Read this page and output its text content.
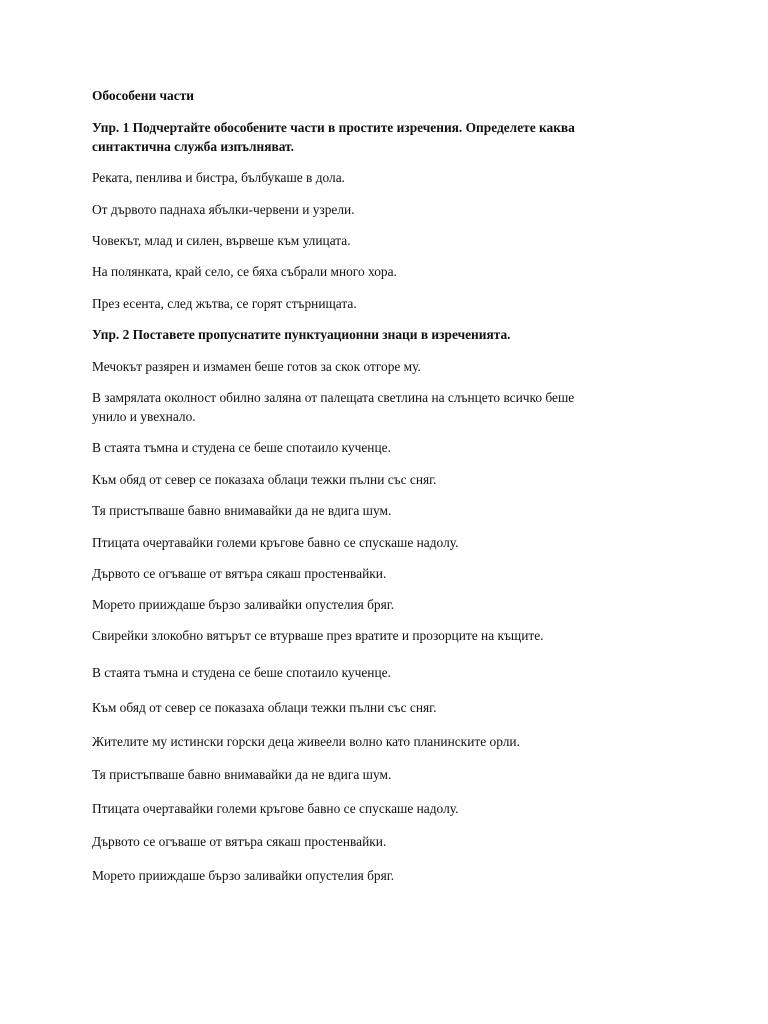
Обособени части
Упр. 1 Подчертайте обособените части в простите изречения. Определете каква
синтактична служба изпълняват.
Реката, пенлива и бистра, бълбукаше в дола.
От дървото паднаха ябълки-червени и узрели.
Човекът, млад и силен, вървеше към улицата.
На полянката, край село, се бяха събрали много хора.
През есента, след жътва, се горят стърнищата.
Упр. 2 Поставете пропуснатите пунктуационни знаци в изреченията.
Мечокът разярен и измамен беше готов за скок отгоре му.
В замрялата околност обилно заляна от палещата светлина на слънцето всичко беше
унило и увехнало.
В стаята тъмна и студена се беше спотаило кученце.
Към обяд от север се показаха облаци тежки пълни със сняг.
Тя пристъпваше бавно внимавайки да не вдига шум.
Птицата очертавайки големи кръгове бавно се спускаше надолу.
Дървото се огъваше от вятъра сякаш простенвайки.
Морето прииждаше бързо заливайки опустелия бряг.
Свирейки злокобно вятърът се втурваше през вратите и прозорците на къщите.
В стаята тъмна и студена се беше спотаило кученце.
Към обяд от север се показаха облаци тежки пълни със сняг.
Жителите му истински горски деца живеели волно като планинските орли.
Тя пристъпваше бавно внимавайки да не вдига шум.
Птицата очертавайки големи кръгове бавно се спускаше надолу.
Дървото се огъваше от вятъра сякаш простенвайки.
Морето прииждаше бързо заливайки опустелия бряг.
